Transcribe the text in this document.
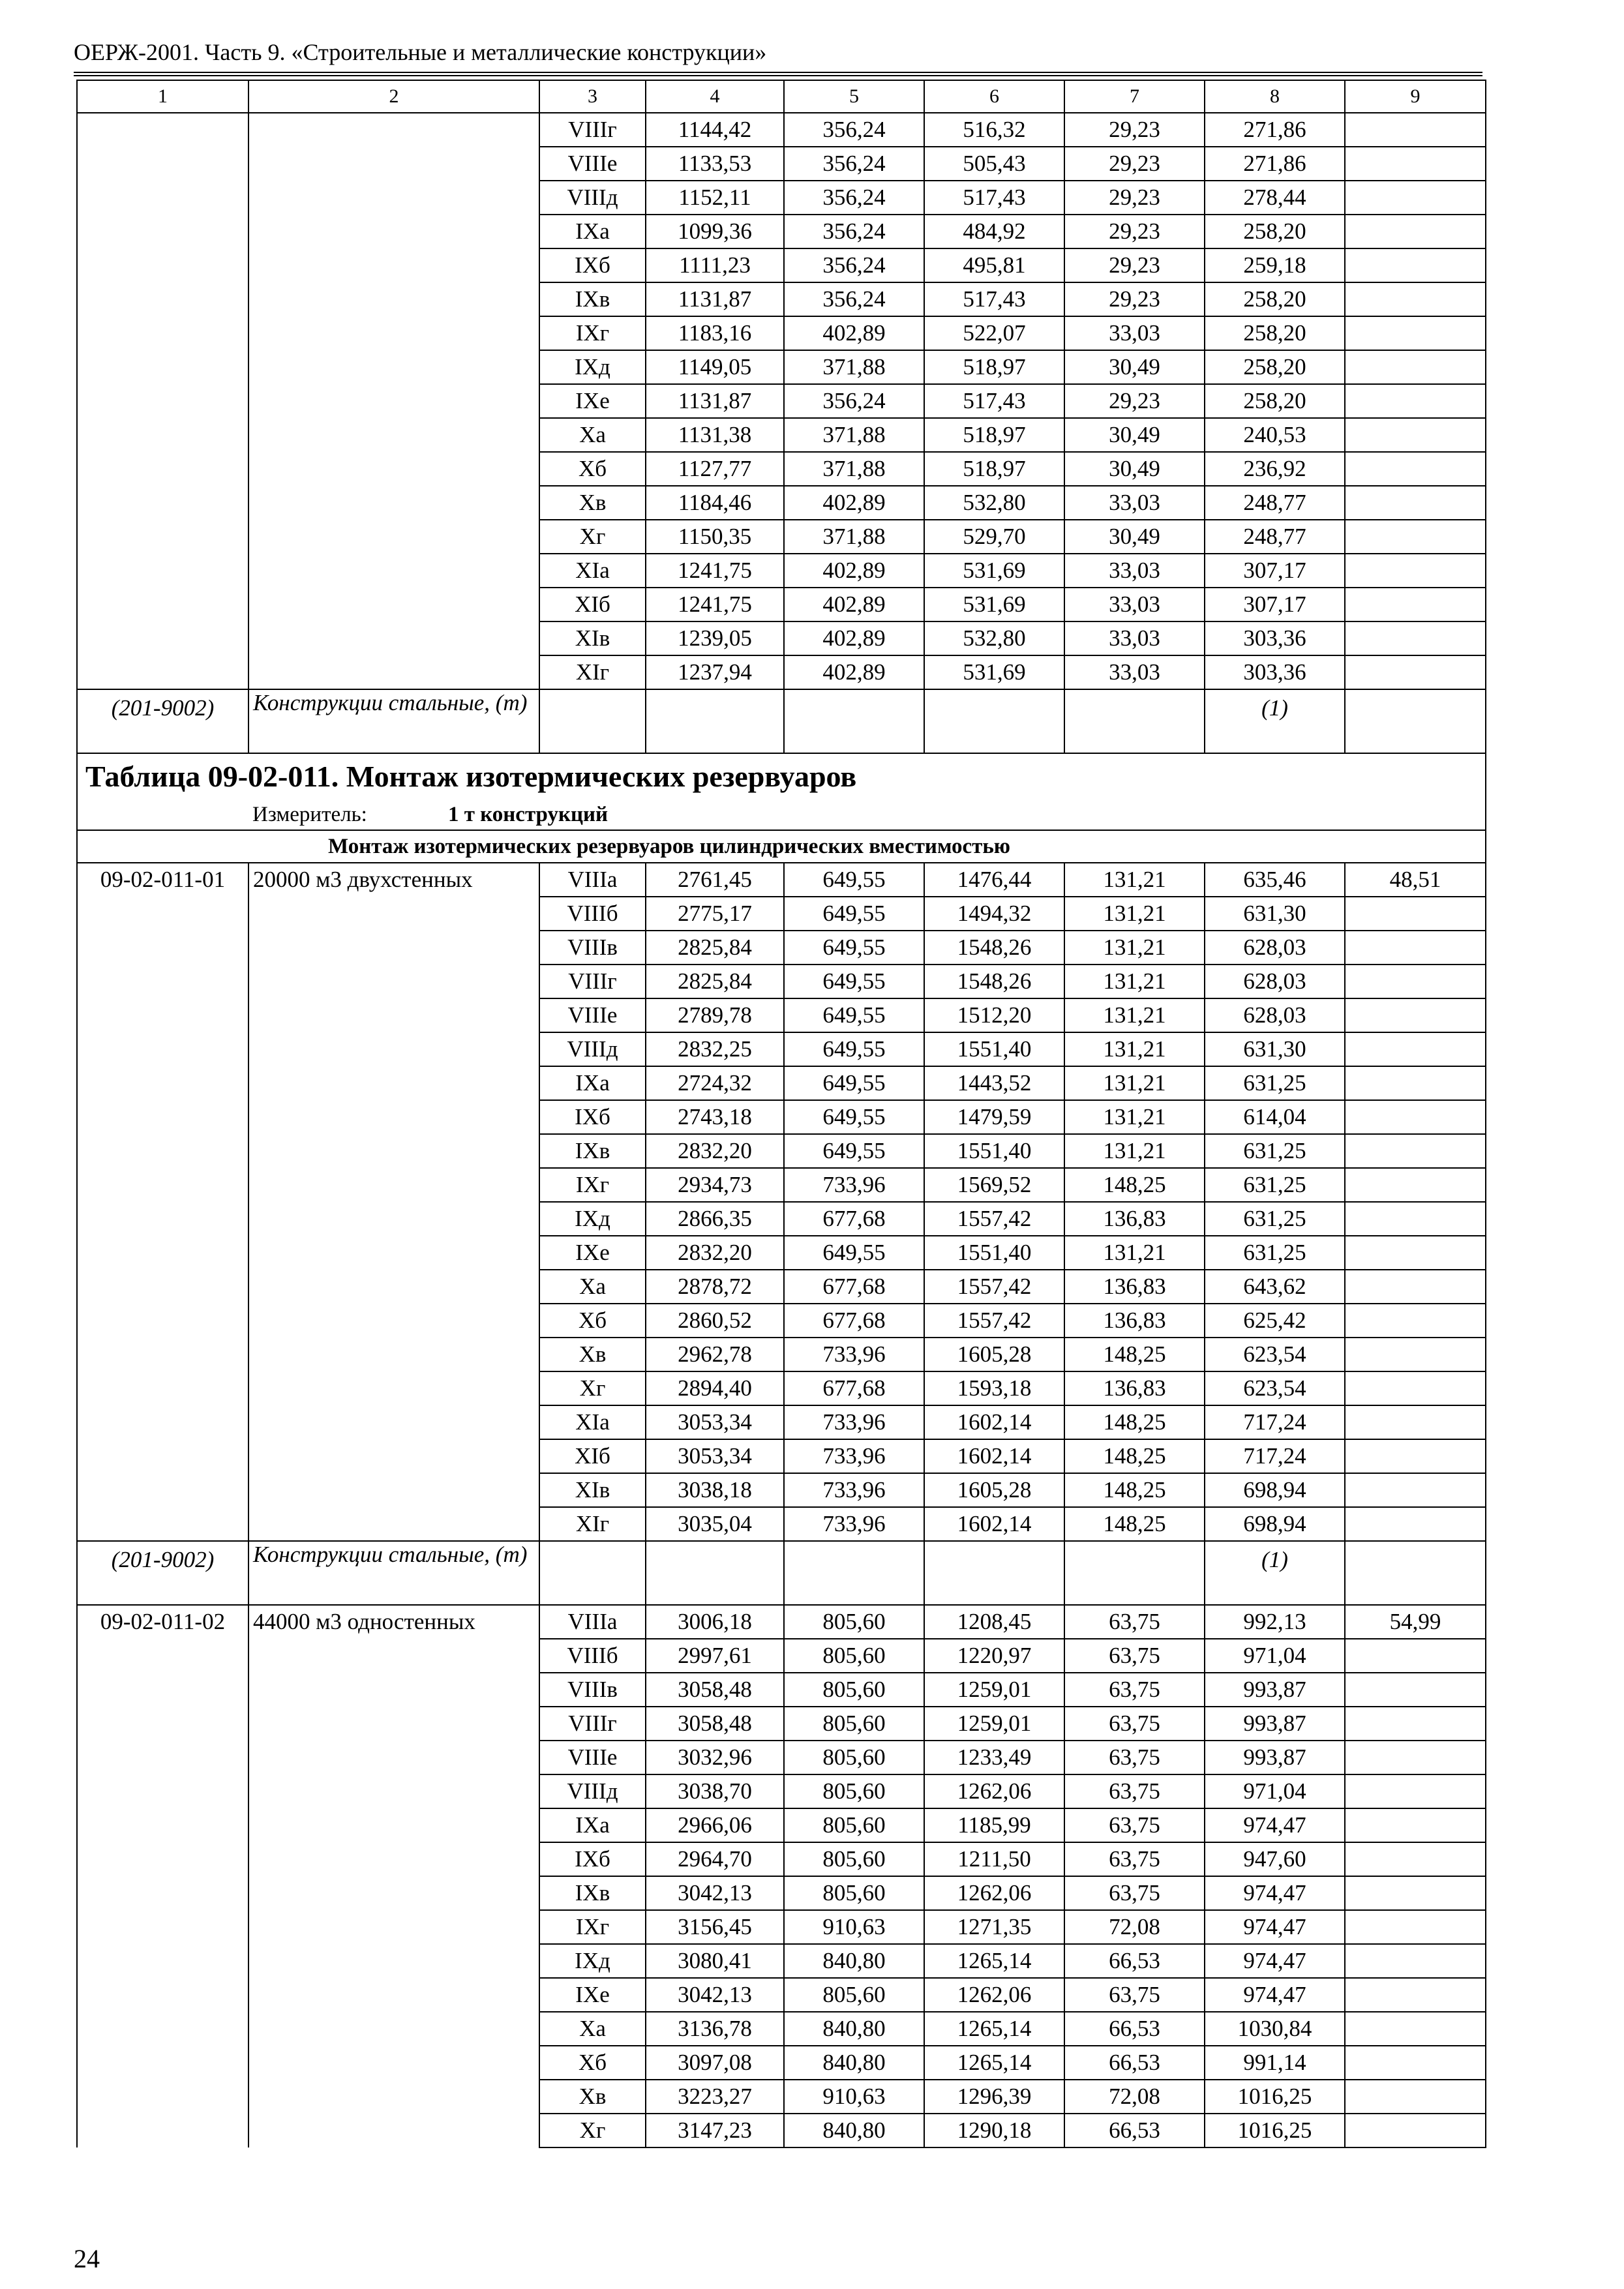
ОЕРЖ-2001. Часть 9. «Строительные и металлические конструкции»
1	2	3	4	5	6	7	8	9
		VIIIг	1144,42	356,24	516,32	29,23	271,86	
		VIIIе	1133,53	356,24	505,43	29,23	271,86	
		VIIIд	1152,11	356,24	517,43	29,23	278,44	
		IXа	1099,36	356,24	484,92	29,23	258,20	
		IXб	1111,23	356,24	495,81	29,23	259,18	
		IXв	1131,87	356,24	517,43	29,23	258,20	
		IXг	1183,16	402,89	522,07	33,03	258,20	
		IXд	1149,05	371,88	518,97	30,49	258,20	
		IXе	1131,87	356,24	517,43	29,23	258,20	
		Xа	1131,38	371,88	518,97	30,49	240,53	
		Xб	1127,77	371,88	518,97	30,49	236,92	
		Xв	1184,46	402,89	532,80	33,03	248,77	
		Xг	1150,35	371,88	529,70	30,49	248,77	
		XIа	1241,75	402,89	531,69	33,03	307,17	
		XIб	1241,75	402,89	531,69	33,03	307,17	
		XIв	1239,05	402,89	532,80	33,03	303,36	
		XIг	1237,94	402,89	531,69	33,03	303,36	
(201-9002)	Конструкции стальные, (т)						(1)	
Таблица 09-02-011. Монтаж изотермических резервуаров								
Измеритель: 1 т конструкций								
Монтаж изотермических резервуаров цилиндрических вместимостью								
09-02-011-01	20000 м3 двухстенных	VIIIа	2761,45	649,55	1476,44	131,21	635,46	48,51
		VIIIб	2775,17	649,55	1494,32	131,21	631,30	
		VIIIв	2825,84	649,55	1548,26	131,21	628,03	
		VIIIг	2825,84	649,55	1548,26	131,21	628,03	
		VIIIе	2789,78	649,55	1512,20	131,21	628,03	
		VIIIд	2832,25	649,55	1551,40	131,21	631,30	
		IXа	2724,32	649,55	1443,52	131,21	631,25	
		IXб	2743,18	649,55	1479,59	131,21	614,04	
		IXв	2832,20	649,55	1551,40	131,21	631,25	
		IXг	2934,73	733,96	1569,52	148,25	631,25	
		IXд	2866,35	677,68	1557,42	136,83	631,25	
		IXе	2832,20	649,55	1551,40	131,21	631,25	
		Xа	2878,72	677,68	1557,42	136,83	643,62	
		Xб	2860,52	677,68	1557,42	136,83	625,42	
		Xв	2962,78	733,96	1605,28	148,25	623,54	
		Xг	2894,40	677,68	1593,18	136,83	623,54	
		XIа	3053,34	733,96	1602,14	148,25	717,24	
		XIб	3053,34	733,96	1602,14	148,25	717,24	
		XIв	3038,18	733,96	1605,28	148,25	698,94	
		XIг	3035,04	733,96	1602,14	148,25	698,94	
(201-9002)	Конструкции стальные, (т)						(1)	
09-02-011-02	44000 м3 одностенных	VIIIа	3006,18	805,60	1208,45	63,75	992,13	54,99
		VIIIб	2997,61	805,60	1220,97	63,75	971,04	
		VIIIв	3058,48	805,60	1259,01	63,75	993,87	
		VIIIг	3058,48	805,60	1259,01	63,75	993,87	
		VIIIе	3032,96	805,60	1233,49	63,75	993,87	
		VIIIд	3038,70	805,60	1262,06	63,75	971,04	
		IXа	2966,06	805,60	1185,99	63,75	974,47	
		IXб	2964,70	805,60	1211,50	63,75	947,60	
		IXв	3042,13	805,60	1262,06	63,75	974,47	
		IXг	3156,45	910,63	1271,35	72,08	974,47	
		IXд	3080,41	840,80	1265,14	66,53	974,47	
		IXе	3042,13	805,60	1262,06	63,75	974,47	
		Xа	3136,78	840,80	1265,14	66,53	1030,84	
		Xб	3097,08	840,80	1265,14	66,53	991,14	
		Xв	3223,27	910,63	1296,39	72,08	1016,25	
		Xг	3147,23	840,80	1290,18	66,53	1016,25	
24
